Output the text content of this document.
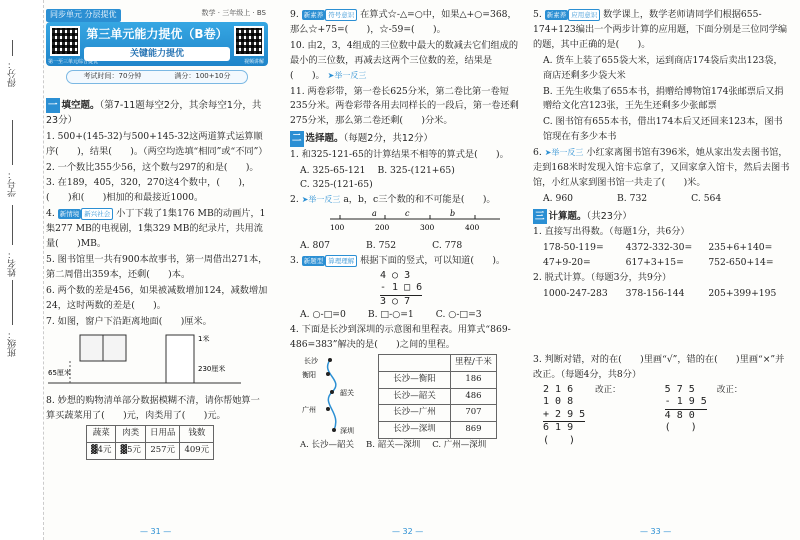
得分：
学号：
姓名：
班级：
同步单元 分层提优	数学 · 三年级上 · BS
第三单元能力提优（B卷）
关键能力提优
第一至三单元综合提优	视频讲解
考试时间：70分钟	满分：100+10分
一 填空题。（第7-11题每空2分，其余每空1分，共23分）
1. 500+(145-32)与500+145-32这两道算式运算顺序(　　)，结果(　　)。（两空均选填“相同”或“不同”）
2. 一个数比355少56，这个数与297的和是(　　)。
3. 在189，405，320，270这4个数中，(　　)，(　　)和(　　)相加的和最接近1000。
4. 新情境 新兴社会 小丁下载了1集176 MB的动画片，1集277 MB的电视剧，1集329 MB的纪录片，共用流量(　　)MB。
5. 图书馆里一共有900本故事书，第一周借出271本，第二周借出359本，还剩(　　)本。
6. 两个数的差是456，如果被减数增加124，减数增加24，这时两数的差是(　　)。
7. 如图，窗户下沿距离地面(　　)厘米。
65厘米
1米
230厘米
8. 妙想的购物清单部分数据模糊不清，请你帮她算一算买蔬菜用了(　　)元，肉类用了(　　)元。
蔬菜	肉类	日用品	钱数
▓4元	▓5元	257元	409元
— 31 —
9. 新素养 符号意识 在算式☆-△=○中，如果△+○=368，那么☆+75=(　　)，☆-59=(　　)。
10. 由2，3，4组成的三位数中最大的数减去它们组成的最小的三位数，再减去这两个三位数的差，结果是(　　)。 ➤举一反三
11. 两卷彩带，第一卷长625分米，第二卷比第一卷短235分米。两卷彩带各用去同样长的一段后，第一卷还剩275分米，那么第二卷还剩(　　)分米。
二 选择题。（每题2分，共12分）
1. 和325-121-65的计算结果不相等的算式是(　　)。
A. 325-65-121 B. 325-(121+65)
C. 325-(121-65)
2. ➤举一反三 a，b，c三个数的和不可能是(　　)。
100	200	300	400
a	c	b
A. 807	B. 752	C. 778
3. 新题型 算理理解 根据下面的竖式，可以知道(　　)。
4 ○ 3
- 1 □ 6
3 ○ 7
A. ○-□=0 B. □-○=1 C. ○-□=3
4. 下面是长沙到深圳的示意图和里程表。用算式“869-486=383”解决的是(　　)之间的里程。
长沙
衡阳
韶关
广州
深圳
	里程/千米
长沙—衡阳	186
长沙—韶关	486
长沙—广州	707
长沙—深圳	869
A. 长沙—韶关 B. 韶关—深圳 C. 广州—深圳
— 32 —
5. 新素养 应用意识 数学课上，数学老师请同学们根据655-174+123编出一个两步计算的应用题，下面分别是三位同学编的题，其中正确的是(　　)。
A. 货车上装了655袋大米，运到商店174袋后卖出123袋，商店还剩多少袋大米
B. 王先生收集了655本书，捐赠给博物馆174张邮票后又捐赠给文化宫123张，王先生还剩多少张邮票
C. 图书馆有655本书，借出174本后又还回来123本，图书馆现在有多少本书
6. ➤举一反三 小红家离图书馆有396米，她从家出发去图书馆，走到168米时发现入馆卡忘拿了，又回家拿入馆卡，然后去图书馆，小红从家到图书馆一共走了(　　)米。
A. 960	B. 732	C. 564
三 计算题。（共23分）
1. 直接写出得数。（每题1分，共6分）
178-50-119=	4372-332-30=	235+6+140=
47+9-20=	617+3+15=	752-650+14=
2. 脱式计算。（每题3分，共9分）
1000-247-283	378-156-144	205+399+195
3. 判断对错，对的在(　　)里画“√”，错的在(　　)里画“×”并改正。（每题4分，共8分）
2 1 6
1 0 8
+ 2 9 5
6 1 9
(　　)
改正：	5 7 5
- 1 9 5
4 8 0
(　　)
改正：
— 33 —
